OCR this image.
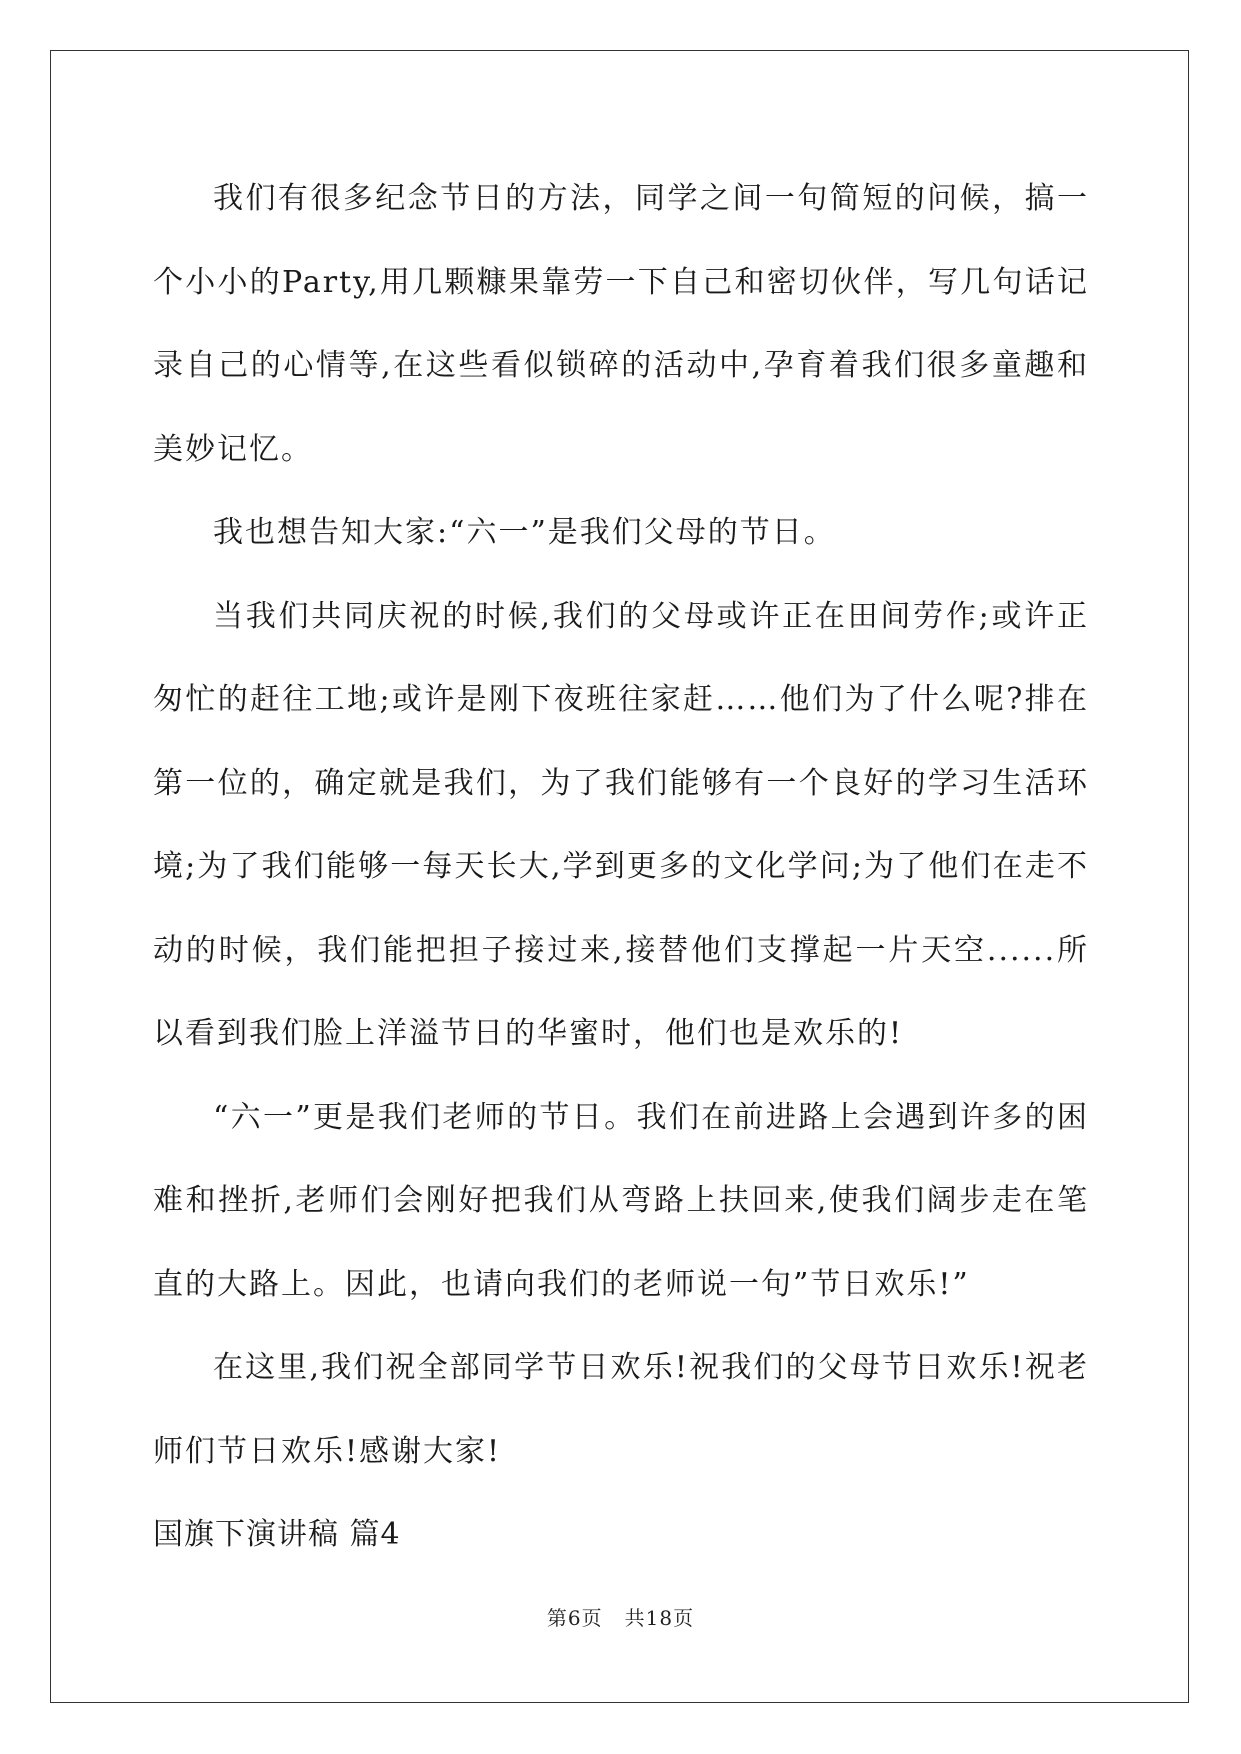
我们有很多纪念节日的方法，同学之间一句简短的问候，搞一个小小的Party,用几颗糠果靠劳一下自己和密切伙伴，写几句话记录自己的心情等,在这些看似锁碎的活动中,孕育着我们很多童趣和美妙记忆。

我也想告知大家:“六一”是我们父母的节日。

当我们共同庆祝的时候,我们的父母或许正在田间劳作;或许正匆忙的赶往工地;或许是刚下夜班往家赶……他们为了什么呢?排在第一位的，确定就是我们，为了我们能够有一个良好的学习生活环境;为了我们能够一每天长大,学到更多的文化学问;为了他们在走不动的时候，我们能把担子接过来,接替他们支撑起一片天空......所以看到我们脸上洋溢节日的华蜜时，他们也是欢乐的!

“六一”更是我们老师的节日。我们在前进路上会遇到许多的困难和挫折,老师们会刚好把我们从弯路上扶回来,使我们阔步走在笔直的大路上。因此，也请向我们的老师说一句”节日欢乐!”

在这里,我们祝全部同学节日欢乐!祝我们的父母节日欢乐!祝老师们节日欢乐!感谢大家!

国旗下演讲稿 篇4

第6页 共18页
